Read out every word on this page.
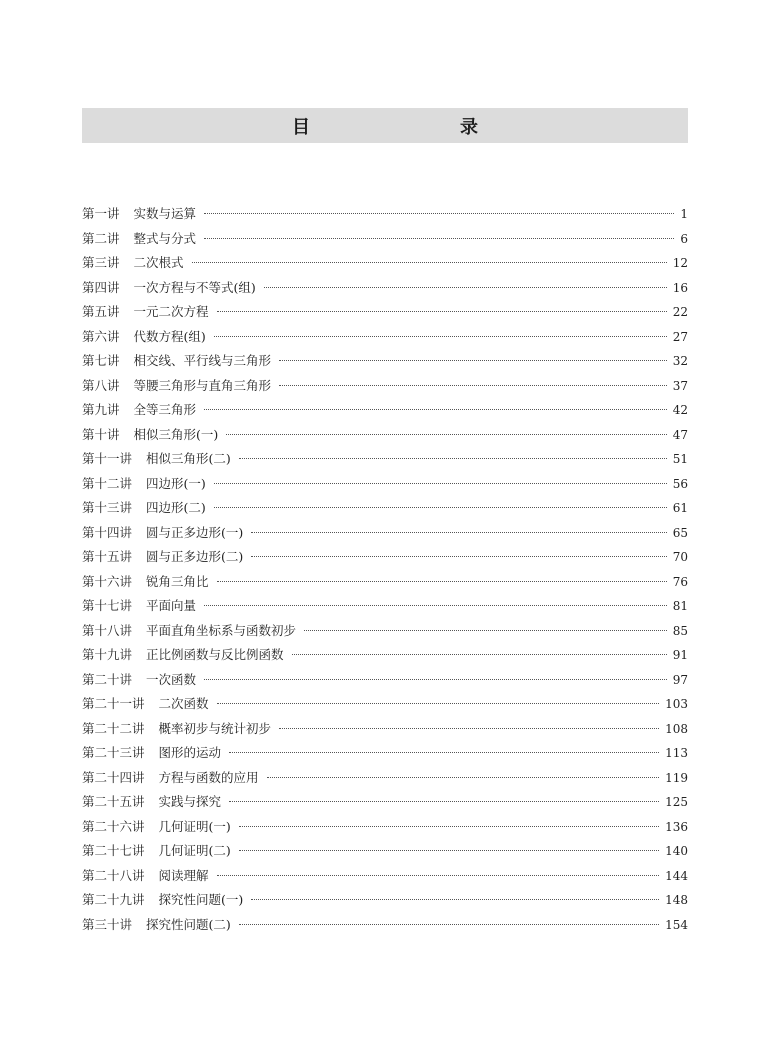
目　　录
第一讲 实数与运算	1
第二讲 整式与分式	6
第三讲 二次根式	12
第四讲 一次方程与不等式(组)	16
第五讲 一元二次方程	22
第六讲 代数方程(组)	27
第七讲 相交线、平行线与三角形	32
第八讲 等腰三角形与直角三角形	37
第九讲 全等三角形	42
第十讲 相似三角形(一)	47
第十一讲 相似三角形(二)	51
第十二讲 四边形(一)	56
第十三讲 四边形(二)	61
第十四讲 圆与正多边形(一)	65
第十五讲 圆与正多边形(二)	70
第十六讲 锐角三角比	76
第十七讲 平面向量	81
第十八讲 平面直角坐标系与函数初步	85
第十九讲 正比例函数与反比例函数	91
第二十讲 一次函数	97
第二十一讲 二次函数	103
第二十二讲 概率初步与统计初步	108
第二十三讲 图形的运动	113
第二十四讲 方程与函数的应用	119
第二十五讲 实践与探究	125
第二十六讲 几何证明(一)	136
第二十七讲 几何证明(二)	140
第二十八讲 阅读理解	144
第二十九讲 探究性问题(一)	148
第三十讲 探究性问题(二)	154
